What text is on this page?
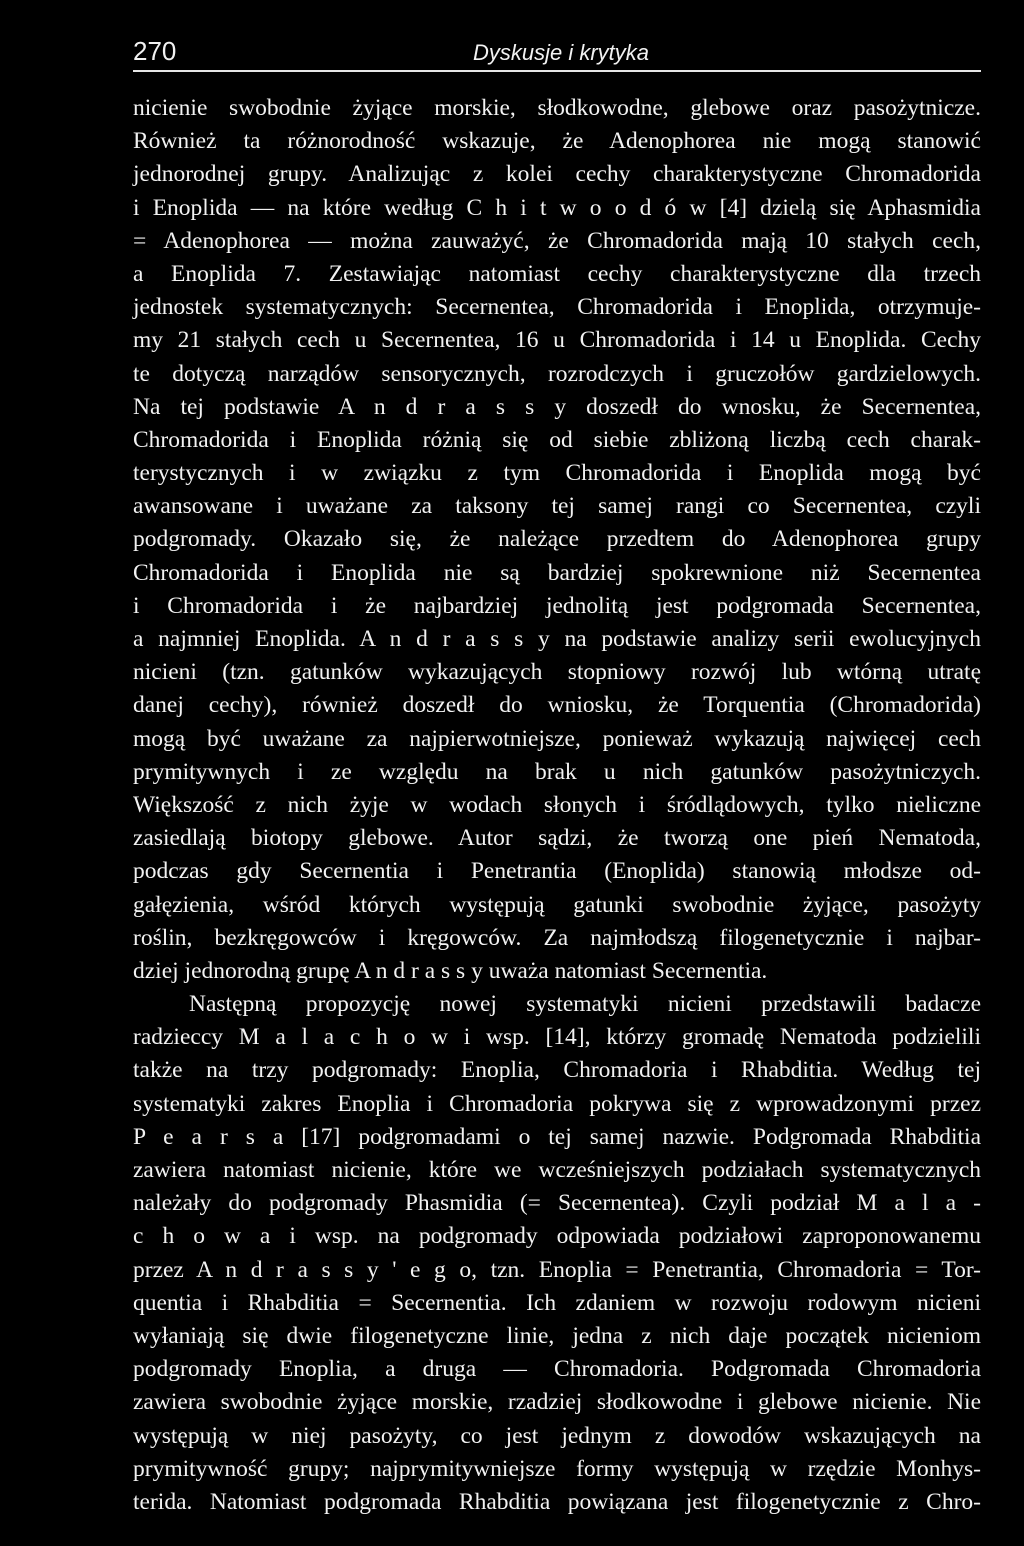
270	Dyskusje i krytyka
nicienie swobodnie żyjące morskie, słodkowodne, glebowe oraz pasożytnicze.
Również ta różnorodność wskazuje, że Adenophorea nie mogą stanowić
jednorodnej grupy. Analizując z kolei cechy charakterystyczne Chromadorida
i Enoplida — na które według C h i t w o o d ó w [4] dzielą się Aphasmidia
= Adenophorea — można zauważyć, że Chromadorida mają 10 stałych cech,
a Enoplida 7. Zestawiając natomiast cechy charakterystyczne dla trzech
jednostek systematycznych: Secernentea, Chromadorida i Enoplida, otrzymuje-
my 21 stałych cech u Secernentea, 16 u Chromadorida i 14 u Enoplida. Cechy
te dotyczą narządów sensorycznych, rozrodczych i gruczołów gardzielowych.
Na tej podstawie A n d r a s s y doszedł do wnosku, że Secernentea,
Chromadorida i Enoplida różnią się od siebie zbliżoną liczbą cech charak-
terystycznych i w związku z tym Chromadorida i Enoplida mogą być
awansowane i uważane za taksony tej samej rangi co Secernentea, czyli
podgromady. Okazało się, że należące przedtem do Adenophorea grupy
Chromadorida i Enoplida nie są bardziej spokrewnione niż Secernentea
i Chromadorida i że najbardziej jednolitą jest podgromada Secernentea,
a najmniej Enoplida. A n d r a s s y na podstawie analizy serii ewolucyjnych
nicieni (tzn. gatunków wykazujących stopniowy rozwój lub wtórną utratę
danej cechy), również doszedł do wniosku, że Torquentia (Chromadorida)
mogą być uważane za najpierwotniejsze, ponieważ wykazują najwięcej cech
prymitywnych i ze względu na brak u nich gatunków pasożytniczych.
Większość z nich żyje w wodach słonych i śródlądowych, tylko nieliczne
zasiedlają biotopy glebowe. Autor sądzi, że tworzą one pień Nematoda,
podczas gdy Secernentia i Penetrantia (Enoplida) stanowią młodsze od-
gałęzienia, wśród których występują gatunki swobodnie żyjące, pasożyty
roślin, bezkręgowców i kręgowców. Za najmłodszą filogenetycznie i najbar-
dziej jednorodną grupę A n d r a s s y uważa natomiast Secernentia.
Następną propozycję nowej systematyki nicieni przedstawili badacze
radzieccy M a l a c h o w i wsp. [14], którzy gromadę Nematoda podzielili
także na trzy podgromady: Enoplia, Chromadoria i Rhabditia. Według tej
systematyki zakres Enoplia i Chromadoria pokrywa się z wprowadzonymi przez
P e a r s a [17] podgromadami o tej samej nazwie. Podgromada Rhabditia
zawiera natomiast nicienie, które we wcześniejszych podziałach systematycznych
należały do podgromady Phasmidia (= Secernentea). Czyli podział M a l a -
c h o w a i wsp. na podgromady odpowiada podziałowi zaproponowanemu
przez A n d r a s s y ' e g o, tzn. Enoplia = Penetrantia, Chromadoria = Tor-
quentia i Rhabditia = Secernentia. Ich zdaniem w rozwoju rodowym nicieni
wyłaniają się dwie filogenetyczne linie, jedna z nich daje początek nicieniom
podgromady Enoplia, a druga — Chromadoria. Podgromada Chromadoria
zawiera swobodnie żyjące morskie, rzadziej słodkowodne i glebowe nicienie. Nie
występują w niej pasożyty, co jest jednym z dowodów wskazujących na
prymitywność grupy; najprymitywniejsze formy występują w rzędzie Monhys-
terida. Natomiast podgromada Rhabditia powiązana jest filogenetycznie z Chro-
